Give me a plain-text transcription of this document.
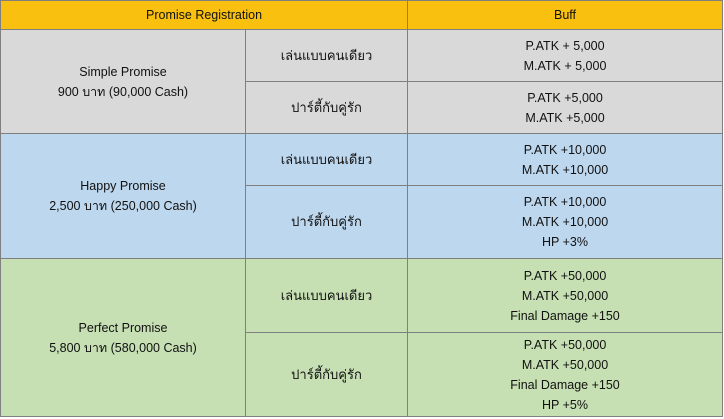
Promise Registration		Buff

Simple Promise
900 บาท (90,000 Cash)	เล่นแบบคนเดียว	P.ATK + 5,000
M.ATK + 5,000

	ปาร์ตี้กับคู่รัก	P.ATK +5,000
M.ATK +5,000

Happy Promise
2,500 บาท (250,000 Cash)	เล่นแบบคนเดียว	P.ATK +10,000
M.ATK +10,000

	ปาร์ตี้กับคู่รัก	P.ATK +10,000
M.ATK +10,000
HP +3%

Perfect Promise
5,800 บาท (580,000 Cash)	เล่นแบบคนเดียว	P.ATK +50,000
M.ATK +50,000
Final Damage +150

	ปาร์ตี้กับคู่รัก	P.ATK +50,000
M.ATK +50,000
Final Damage +150
HP +5%
